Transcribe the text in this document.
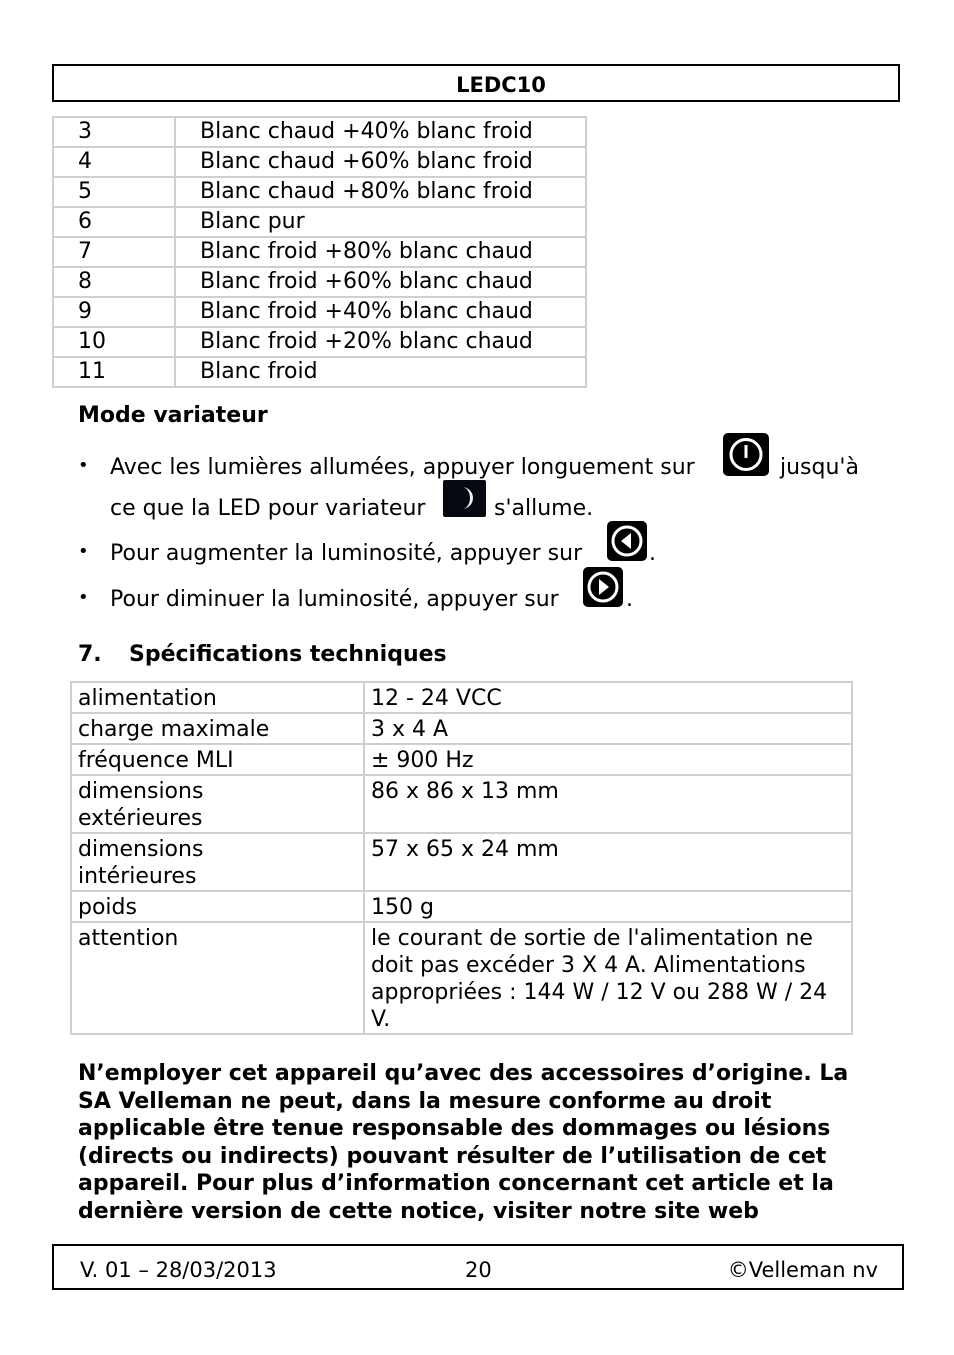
LEDC10
3	Blanc chaud +40% blanc froid
4	Blanc chaud +60% blanc froid
5	Blanc chaud +80% blanc froid
6	Blanc pur
7	Blanc froid +80% blanc chaud
8	Blanc froid +60% blanc chaud
9	Blanc froid +40% blanc chaud
10	Blanc froid +20% blanc chaud
11	Blanc froid
Mode variateur
• Avec les lumières allumées, appuyer longuement sur	jusqu'à
ce que la LED pour variateur	s'allume.
• Pour augmenter la luminosité, appuyer sur	.
• Pour diminuer la luminosité, appuyer sur	.
7. Spécifications techniques
alimentation	12 - 24 VCC
charge maximale	3 x 4 A
fréquence MLI	± 900 Hz
dimensions extérieures	86 x 86 x 13 mm
dimensions intérieures	57 x 65 x 24 mm
poids	150 g
attention	le courant de sortie de l'alimentation ne doit pas excéder 3 X 4 A. Alimentations appropriées : 144 W / 12 V ou 288 W / 24 V.
N’employer cet appareil qu’avec des accessoires d’origine. La SA Velleman ne peut, dans la mesure conforme au droit applicable être tenue responsable des dommages ou lésions (directs ou indirects) pouvant résulter de l’utilisation de cet appareil. Pour plus d’information concernant cet article et la dernière version de cette notice, visiter notre site web
V. 01 – 28/03/2013	20	©Velleman nv
